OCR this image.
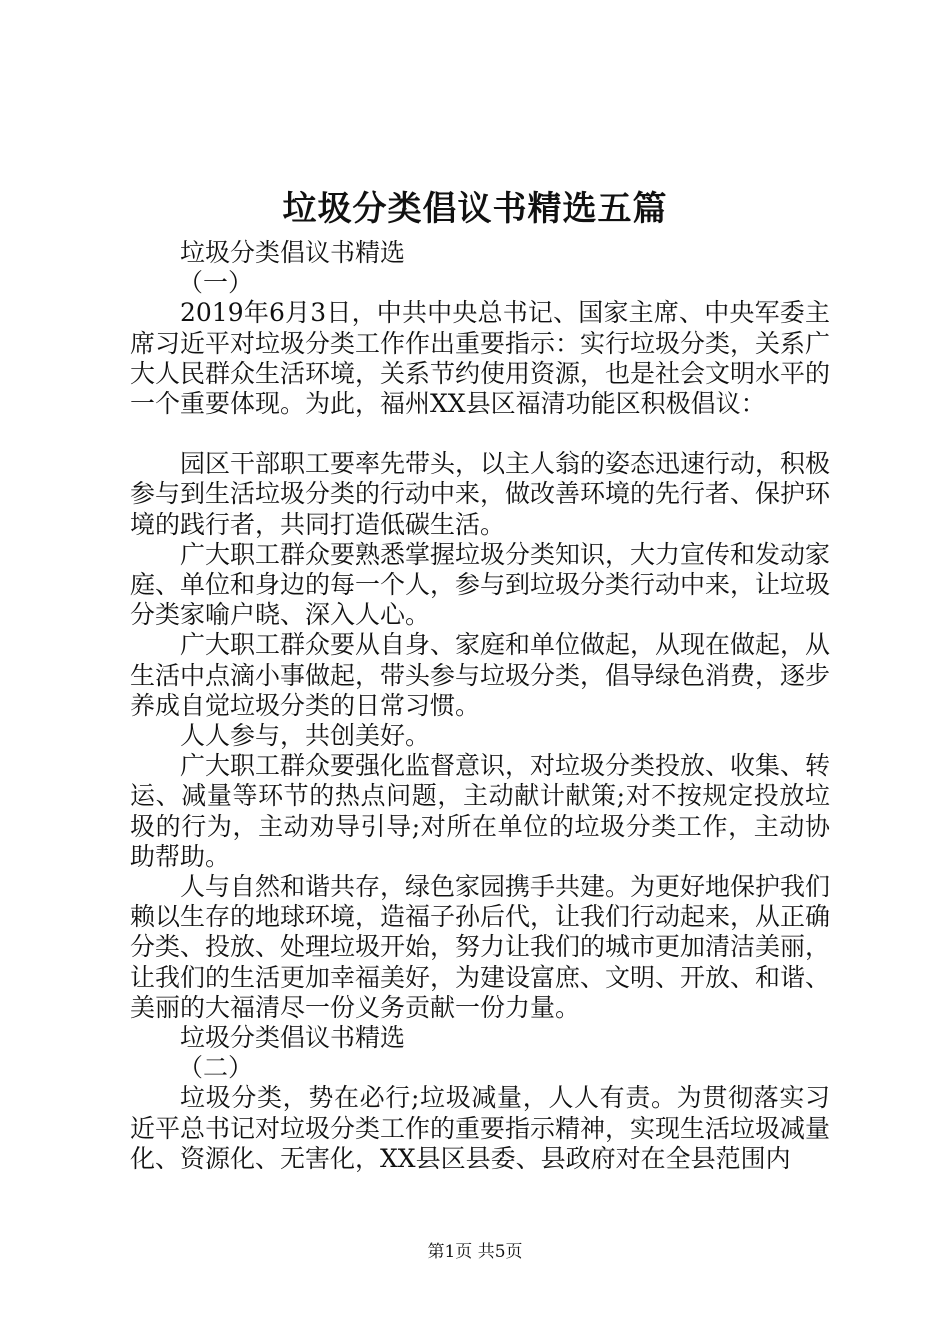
垃圾分类倡议书精选五篇

垃圾分类倡议书精选

（一）

2019年6月3日，中共中央总书记、国家主席、中央军委主席习近平对垃圾分类工作作出重要指示：实行垃圾分类，关系广大人民群众生活环境，关系节约使用资源，也是社会文明水平的一个重要体现。为此，福州XX县区福清功能区积极倡议：

园区干部职工要率先带头，以主人翁的姿态迅速行动，积极参与到生活垃圾分类的行动中来，做改善环境的先行者、保护环境的践行者，共同打造低碳生活。

广大职工群众要熟悉掌握垃圾分类知识，大力宣传和发动家庭、单位和身边的每一个人，参与到垃圾分类行动中来，让垃圾分类家喻户晓、深入人心。

广大职工群众要从自身、家庭和单位做起，从现在做起，从生活中点滴小事做起，带头参与垃圾分类，倡导绿色消费，逐步养成自觉垃圾分类的日常习惯。

人人参与，共创美好。

广大职工群众要强化监督意识，对垃圾分类投放、收集、转运、减量等环节的热点问题，主动献计献策;对不按规定投放垃圾的行为，主动劝导引导;对所在单位的垃圾分类工作，主动协助帮助。

人与自然和谐共存，绿色家园携手共建。为更好地保护我们赖以生存的地球环境，造福子孙后代，让我们行动起来，从正确分类、投放、处理垃圾开始，努力让我们的城市更加清洁美丽，让我们的生活更加幸福美好，为建设富庶、文明、开放、和谐、美丽的大福清尽一份义务贡献一份力量。

垃圾分类倡议书精选

（二）

垃圾分类，势在必行;垃圾减量，人人有责。为贯彻落实习近平总书记对垃圾分类工作的重要指示精神，实现生活垃圾减量化、资源化、无害化，XX县区县委、县政府对在全县范围内

第1页 共5页
